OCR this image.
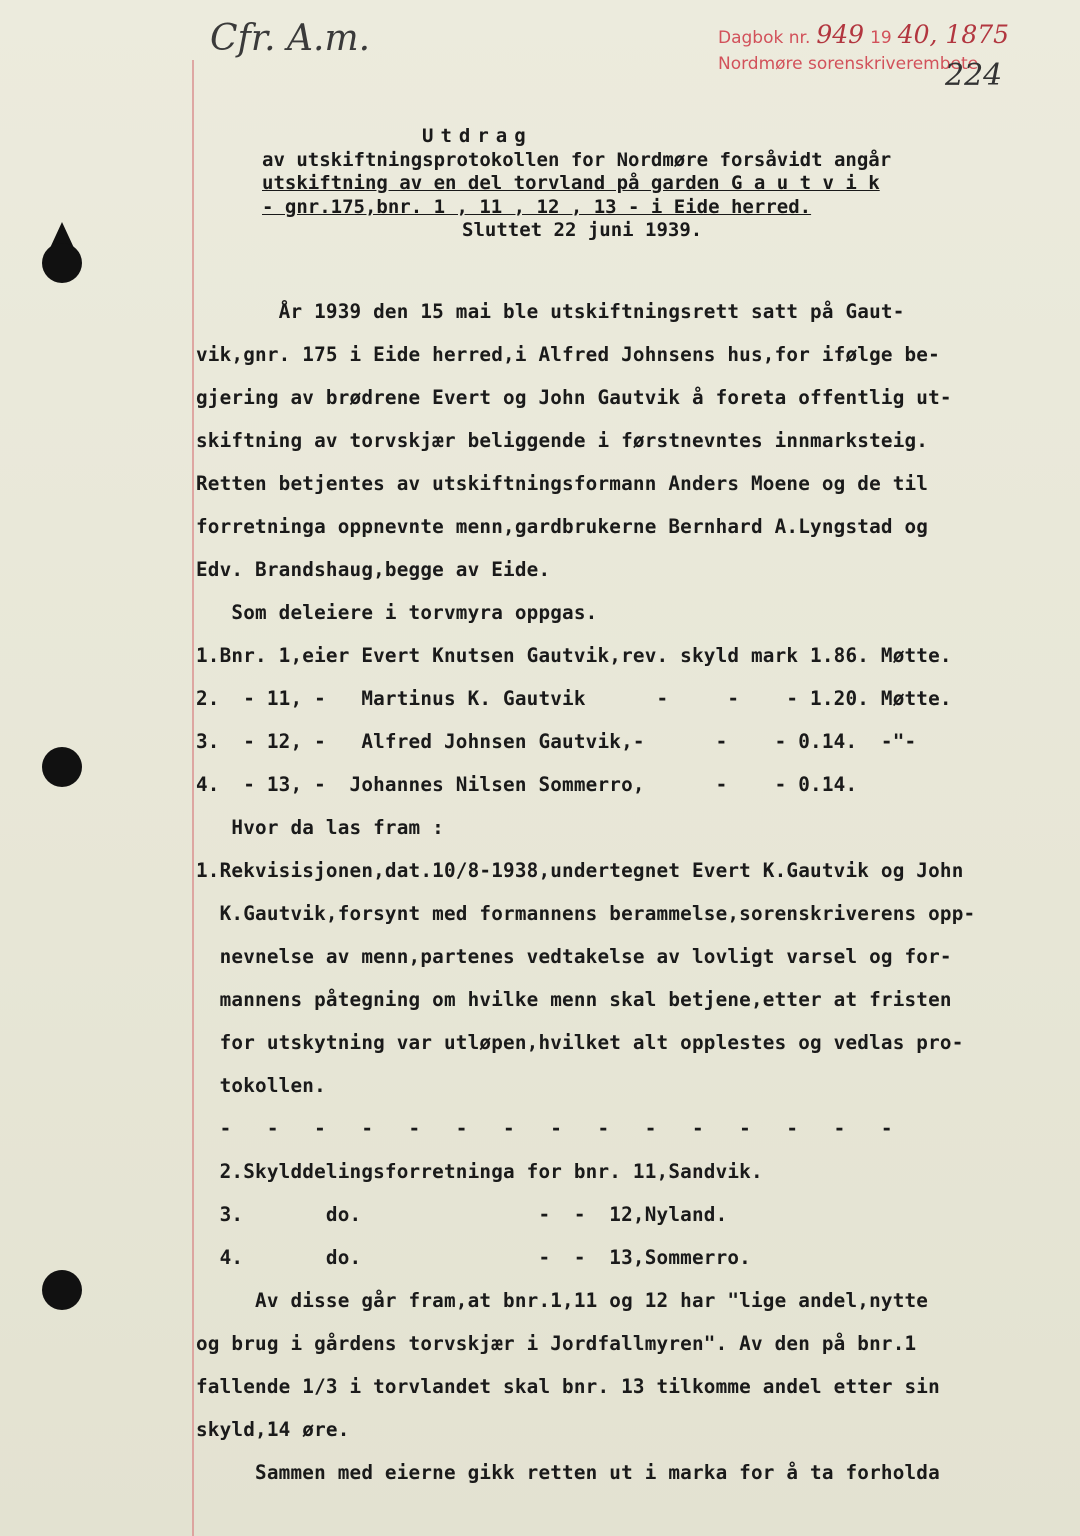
Cfr. A.m.	Dagbok nr. 949 19 40, 1875
Nordmøre sorenskriverembete
224
Utdrag
av utskiftningsprotokollen for Nordmøre forsåvidt angår
utskiftning av en del torvland på garden G a u t v i k
- gnr.175,bnr. 1 , 11 , 12 , 13 - i Eide herred.
Sluttet 22 juni 1939.
År 1939 den 15 mai ble utskiftningsrett satt på Gaut-
vik,gnr. 175 i Eide herred,i Alfred Johnsens hus,for ifølge be-
gjering av brødrene Evert og John Gautvik å foreta offentlig ut-
skiftning av torvskjær beliggende i førstnevntes innmarksteig.
Retten betjentes av utskiftningsformann Anders Moene og de til
forretninga oppnevnte menn,gardbrukerne Bernhard A.Lyngstad og
Edv. Brandshaug,begge av Eide.
Som deleiere i torvmyra oppgas.
1.Bnr. 1,eier Evert Knutsen Gautvik,rev. skyld mark 1.86. Møtte.
2.  - 11, -   Martinus K. Gautvik      -     -    - 1.20. Møtte.
3.  - 12, -   Alfred Johnsen Gautvik,-      -    - 0.14.  -"-
4.  - 13, -  Johannes Nilsen Sommerro,      -    - 0.14.
Hvor da las fram :
1.Rekvisisjonen,dat.10/8-1938,undertegnet Evert K.Gautvik og John
K.Gautvik,forsynt med formannens berammelse,sorenskriverens opp-
nevnelse av menn,partenes vedtakelse av lovligt varsel og for-
mannens påtegning om hvilke menn skal betjene,etter at fristen
for utskytning var utløpen,hvilket alt opplestes og vedlas pro-
tokollen.
-   -   -   -   -   -   -   -   -   -   -   -   -   -   -
2.Skylddelingsforretninga for bnr. 11,Sandvik.
3.       do.               -  -  12,Nyland.
4.       do.               -  -  13,Sommerro.
Av disse går fram,at bnr.1,11 og 12 har "lige andel,nytte
og brug i gårdens torvskjær i Jordfallmyren". Av den på bnr.1
fallende 1/3 i torvlandet skal bnr. 13 tilkomme andel etter sin
skyld,14 øre.
Sammen med eierne gikk retten ut i marka for å ta forholda
